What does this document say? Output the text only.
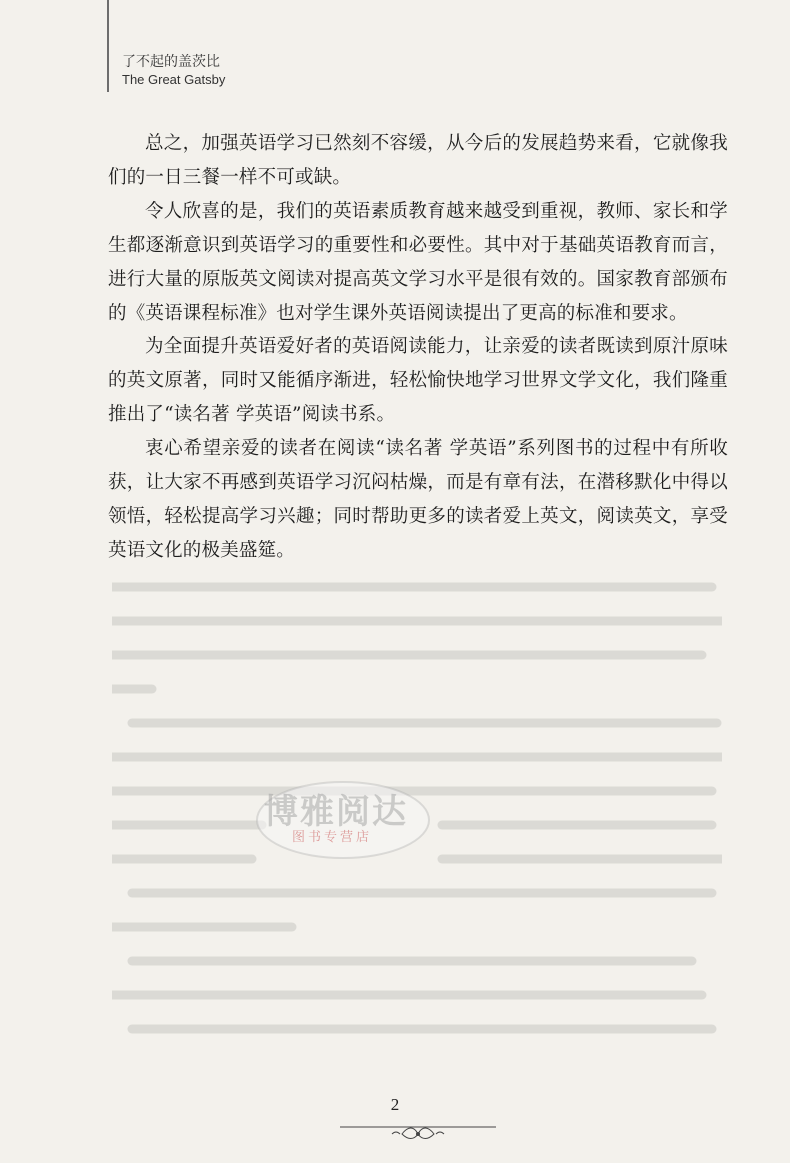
了不起的盖茨比
The Great Gatsby

总之，加强英语学习已然刻不容缓，从今后的发展趋势来看，它就像我们的一日三餐一样不可或缺。

令人欣喜的是，我们的英语素质教育越来越受到重视，教师、家长和学生都逐渐意识到英语学习的重要性和必要性。其中对于基础英语教育而言，进行大量的原版英文阅读对提高英文学习水平是很有效的。国家教育部颁布的《英语课程标准》也对学生课外英语阅读提出了更高的标准和要求。

为全面提升英语爱好者的英语阅读能力，让亲爱的读者既读到原汁原味的英文原著，同时又能循序渐进，轻松愉快地学习世界文学文化，我们隆重推出了“读名著 学英语”阅读书系。

衷心希望亲爱的读者在阅读“读名著 学英语”系列图书的过程中有所收获，让大家不再感到英语学习沉闷枯燥，而是有章有法，在潜移默化中得以领悟，轻松提高学习兴趣；同时帮助更多的读者爱上英文，阅读英文，享受英语文化的极美盛筵。

博雅阅达
图书专营店
2
